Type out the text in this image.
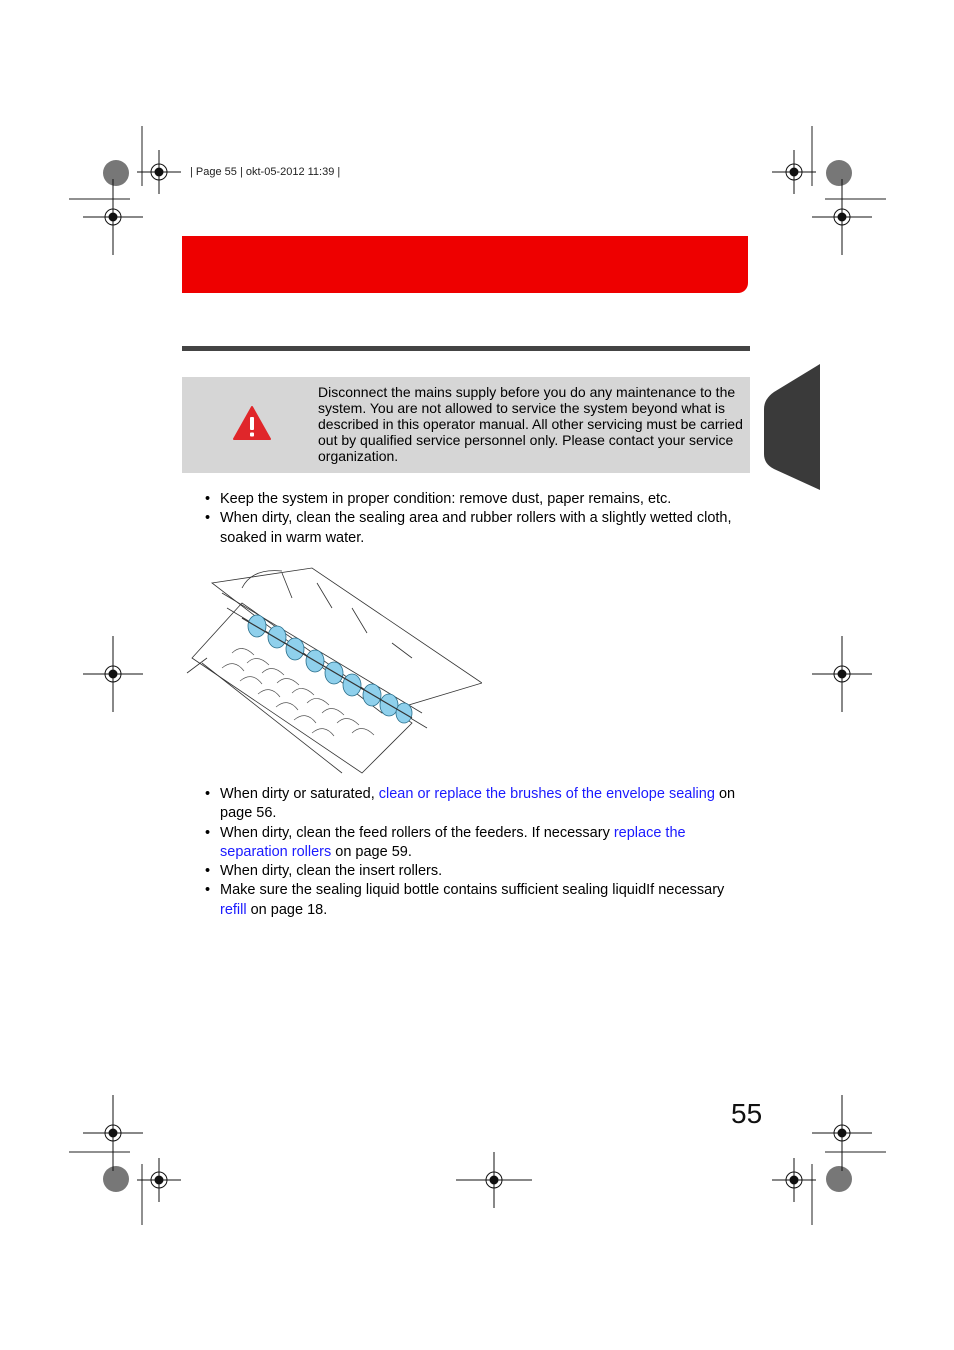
| Page 55 | okt-05-2012 11:39 |
Disconnect the mains supply before you do any maintenance to the system. You are not allowed to service the system beyond what is described in this operator manual. All other servicing must be carried out by qualified service personnel only. Please contact your service organization.
• Keep the system in proper condition: remove dust, paper remains, etc.
• When dirty, clean the sealing area and rubber rollers with a slightly wetted cloth, soaked in warm water.
• When dirty or saturated, clean or replace the brushes of the envelope sealing on page 56.
• When dirty, clean the feed rollers of the feeders. If necessary replace the separation rollers on page 59.
• When dirty, clean the insert rollers.
• Make sure the sealing liquid bottle contains sufficient sealing liquidIf necessary refill on page 18.
55
